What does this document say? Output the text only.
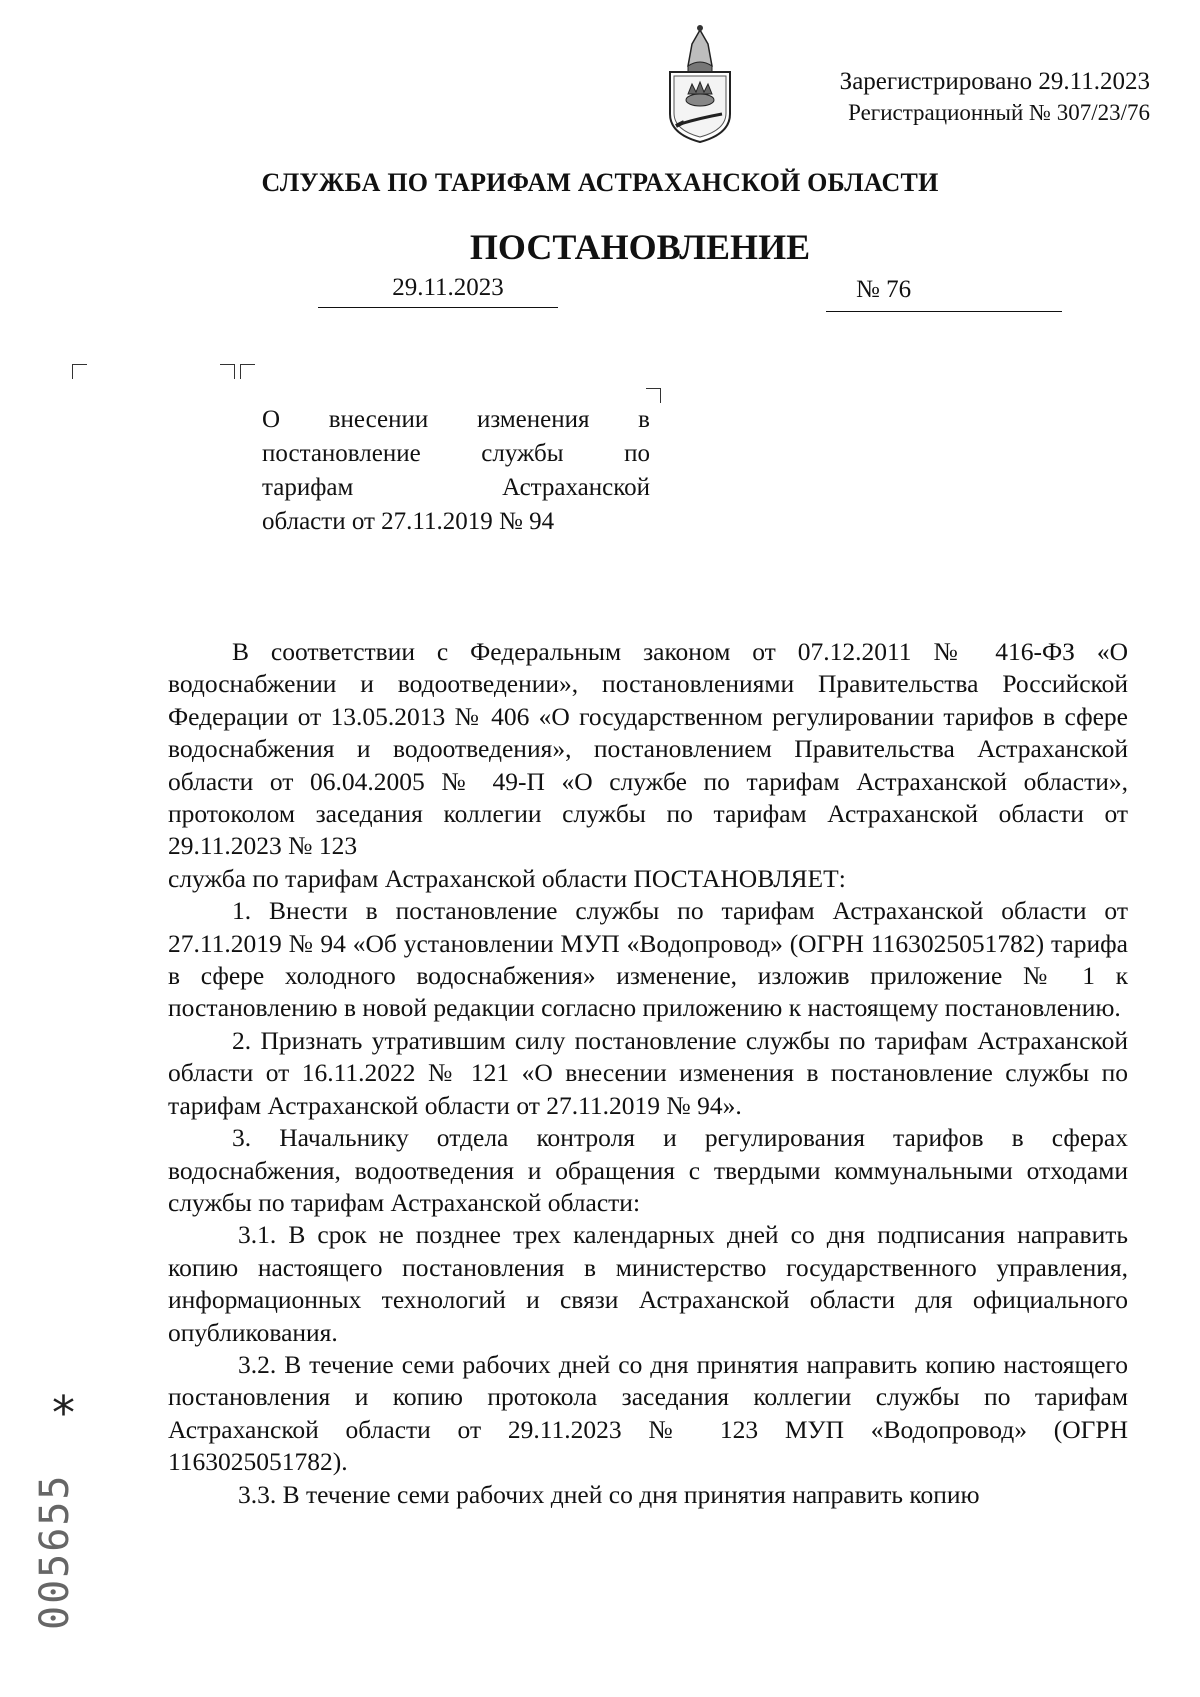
Зарегистрировано 29.11.2023
Регистрационный № 307/23/76
СЛУЖБА ПО ТАРИФАМ АСТРАХАНСКОЙ ОБЛАСТИ
ПОСТАНОВЛЕНИЕ
29.11.2023	№ 76
О внесении изменения в
постановление службы по
тарифам Астраханской
области от 27.11.2019 № 94

В соответствии с Федеральным законом от 07.12.2011 № 416-ФЗ «О водоснабжении и водоотведении», постановлениями Правительства Российской Федерации от 13.05.2013 № 406 «О государственном регулировании тарифов в сфере водоснабжения и водоотведения», постановлением Правительства Астраханской области от 06.04.2005 № 49-П «О службе по тарифам Астраханской области», протоколом заседания коллегии службы по тарифам Астраханской области от 29.11.2023 № 123

служба по тарифам Астраханской области ПОСТАНОВЛЯЕТ:

1. Внести в постановление службы по тарифам Астраханской области от 27.11.2019 № 94 «Об установлении МУП «Водопровод» (ОГРН 1163025051782) тарифа в сфере холодного водоснабжения» изменение, изложив приложение № 1 к постановлению в новой редакции согласно приложению к настоящему постановлению.

2. Признать утратившим силу постановление службы по тарифам Астраханской области от 16.11.2022 № 121 «О внесении изменения в постановление службы по тарифам Астраханской области от 27.11.2019 № 94».

3. Начальнику отдела контроля и регулирования тарифов в сферах водоснабжения, водоотведения и обращения с твердыми коммунальными отходами службы по тарифам Астраханской области:

3.1. В срок не позднее трех календарных дней со дня подписания направить копию настоящего постановления в министерство государственного управления, информационных технологий и связи Астраханской области для официального опубликования.

3.2. В течение семи рабочих дней со дня принятия направить копию настоящего постановления и копию протокола заседания коллегии службы по тарифам Астраханской области от 29.11.2023 № 123 МУП «Водопровод» (ОГРН 1163025051782).

3.3. В течение семи рабочих дней со дня принятия направить копию

*
005655
